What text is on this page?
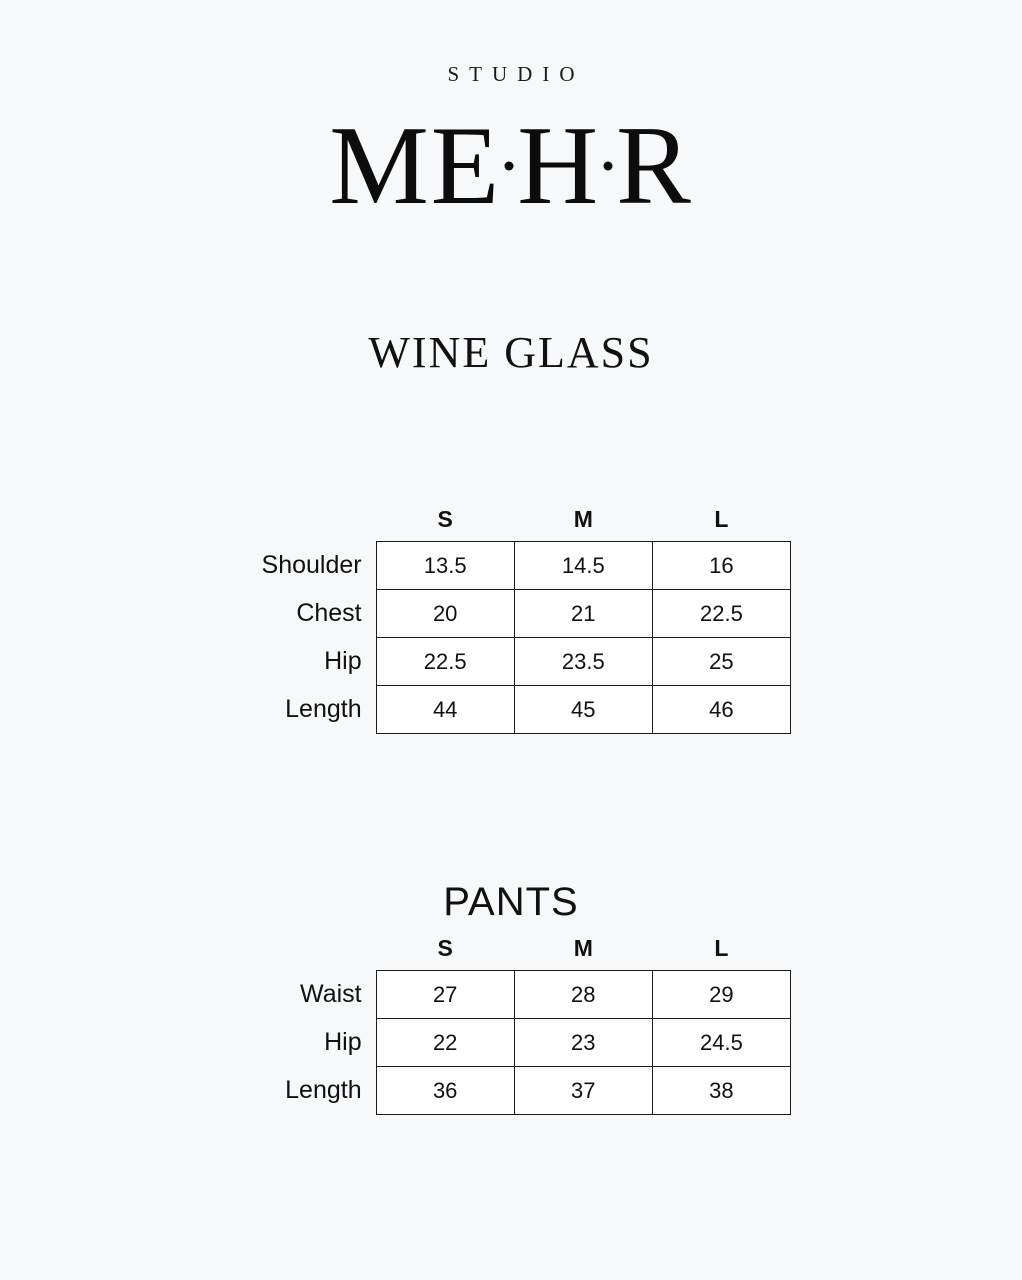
STUDIO
M E H R
WINE GLASS
	S	M	L
Shoulder	13.5	14.5	16
Chest	20	21	22.5
Hip	22.5	23.5	25
Length	44	45	46
PANTS
	S	M	L
Waist	27	28	29
Hip	22	23	24.5
Length	36	37	38
